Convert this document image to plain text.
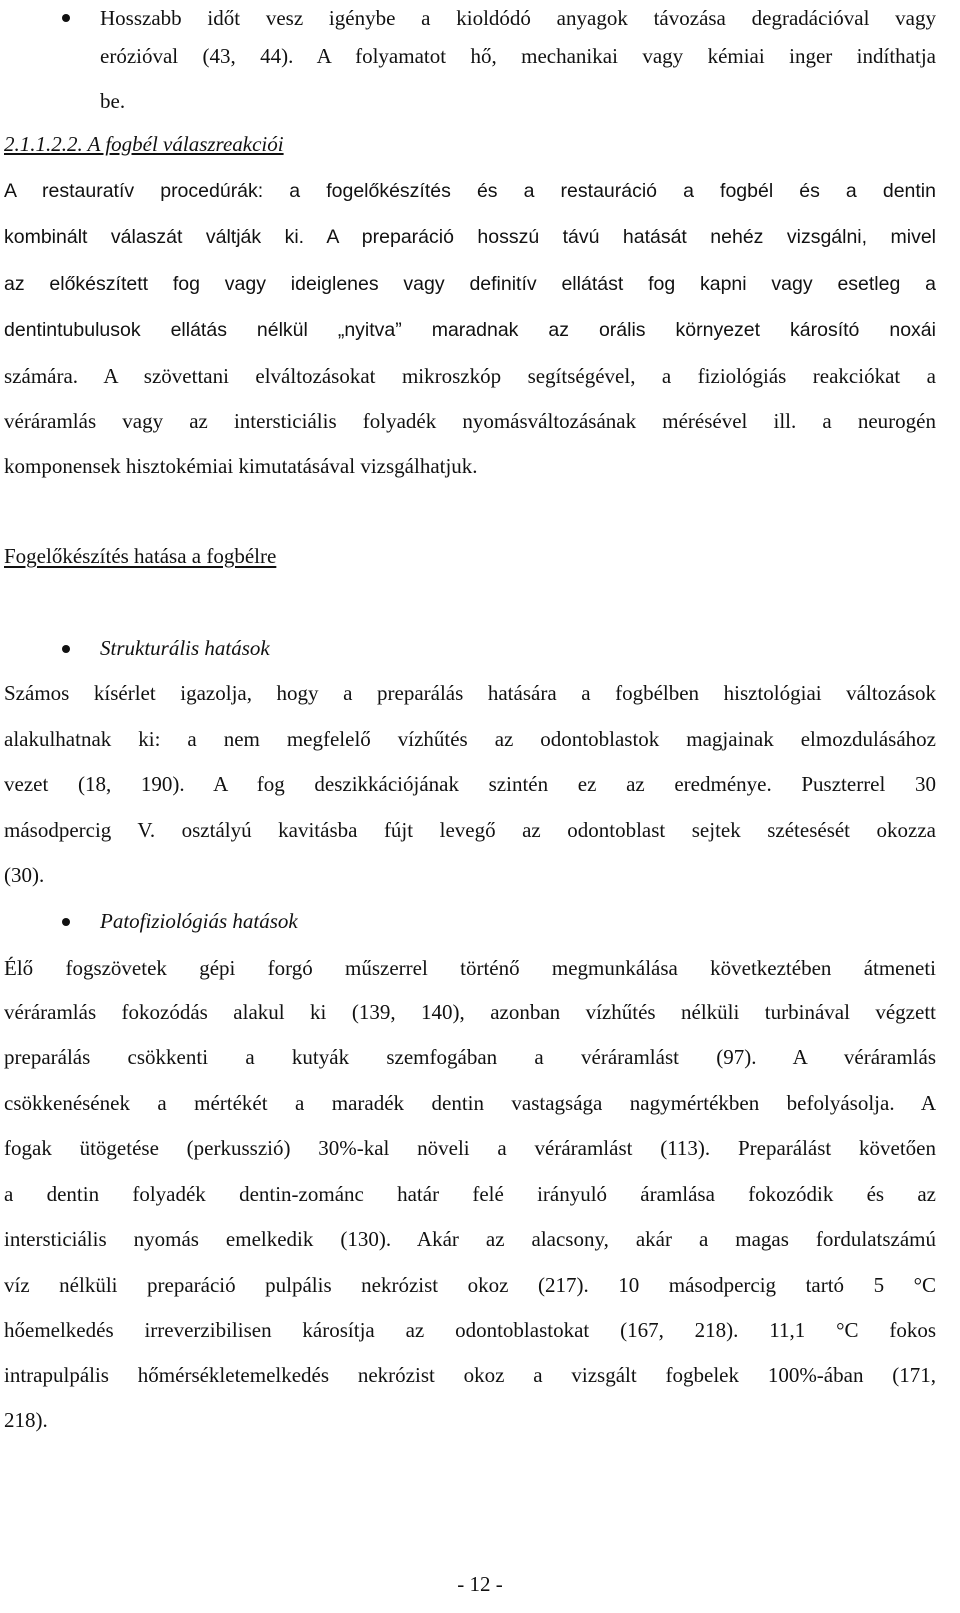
Hosszabb időt vesz igénybe a kioldódó anyagok távozása degradációval vagy
erózióval (43, 44). A folyamatot hő, mechanikai vagy kémiai inger indíthatja
be.
2.1.1.2.2. A fogbél válaszreakciói
A restauratív procedúrák: a fogelőkészítés és a restauráció a fogbél és a dentin
kombinált válaszát váltják ki. A preparáció hosszú távú hatását nehéz vizsgálni, mivel
az előkészített fog vagy ideiglenes vagy definitív ellátást fog kapni vagy esetleg a
dentintubulusok ellátás nélkül „nyitva” maradnak az orális környezet károsító noxái
számára. A szövettani elváltozásokat mikroszkóp segítségével, a fiziológiás reakciókat a
véráramlás vagy az intersticiális folyadék nyomásváltozásának mérésével ill. a neurogén
komponensek hisztokémiai kimutatásával vizsgálhatjuk.
Fogelőkészítés hatása a fogbélre
Strukturális hatások
Számos kísérlet igazolja, hogy a preparálás hatására a fogbélben hisztológiai változások
alakulhatnak ki: a nem megfelelő vízhűtés az odontoblastok magjainak elmozdulásához
vezet (18, 190). A fog deszikkációjának szintén ez az eredménye. Puszterrel 30
másodpercig V. osztályú kavitásba fújt levegő az odontoblast sejtek szétesését okozza
(30).
Patofiziológiás hatások
Élő fogszövetek gépi forgó műszerrel történő megmunkálása következtében átmeneti
véráramlás fokozódás alakul ki (139, 140), azonban vízhűtés nélküli turbinával végzett
preparálás csökkenti a kutyák szemfogában a véráramlást (97). A véráramlás
csökkenésének a mértékét a maradék dentin vastagsága nagymértékben befolyásolja. A
fogak ütögetése (perkusszió) 30%-kal növeli a véráramlást (113). Preparálást követően
a dentin folyadék dentin-zománc határ felé irányuló áramlása fokozódik és az
intersticiális nyomás emelkedik (130). Akár az alacsony, akár a magas fordulatszámú
víz nélküli preparáció pulpális nekrózist okoz (217). 10 másodpercig tartó 5 °C
hőemelkedés irreverzibilisen károsítja az odontoblastokat (167, 218). 11,1 °C fokos
intrapulpális hőmérsékletemelkedés nekrózist okoz a vizsgált fogbelek 100%-ában (171,
218).
- 12 -
